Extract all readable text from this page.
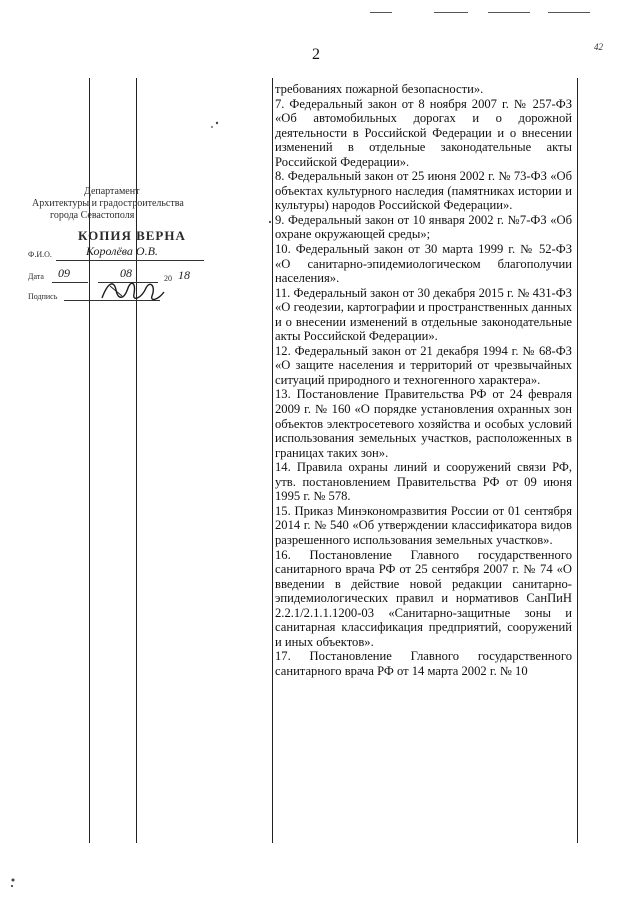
2	42

требованиях пожарной безопасности».

7. Федеральный закон от 8 ноября 2007 г. № 257-ФЗ «Об автомобильных дорогах и о дорожной деятельности в Российской Федерации и о внесении изменений в отдельные законодательные акты Российской Федерации».

8. Федеральный закон от 25 июня 2002 г. № 73-ФЗ «Об объектах культурного наследия (памятниках истории и культуры) народов Российской Федерации».

9. Федеральный закон от 10 января 2002 г. №7-ФЗ «Об охране окружающей среды»;

10. Федеральный закон от 30 марта 1999 г. № 52-ФЗ «О санитарно-эпидемиологическом благополучии населения».

11. Федеральный закон от 30 декабря 2015 г. № 431-ФЗ «О геодезии, картографии и пространственных данных и о внесении изменений в отдельные законодательные акты Российской Федерации».

12. Федеральный закон от 21 декабря 1994 г. № 68-ФЗ «О защите населения и территорий от чрезвычайных ситуаций природного и техногенного характера».

13. Постановление Правительства РФ от 24 февраля 2009 г. № 160 «О порядке установления охранных зон объектов электросетевого хозяйства и особых условий использования земельных участков, расположенных в границах таких зон».

14. Правила охраны линий и сооружений связи РФ, утв. постановлением Правительства РФ от 09 июня 1995 г. № 578.

15. Приказ Минэкономразвития России от 01 сентября 2014 г. № 540 «Об утверждении классификатора видов разрешенного использования земельных участков».

16. Постановление Главного государственного санитарного врача РФ от 25 сентября 2007 г. № 74 «О введении в действие новой редакции санитарно-эпидемиологических правил и нормативов СанПиН 2.2.1/2.1.1.1200-03 «Санитарно-защитные зоны и санитарная классификация предприятий, сооружений и иных объектов».

17. Постановление Главного государственного санитарного врача РФ от 14 марта 2002 г. № 10

Департамент
Архитектуры и градостроительства
города Севастополя
КОПИЯ ВЕРНА
Ф.И.О.	Королёва О.В.
Дата 09	08	20 18
Подпись
